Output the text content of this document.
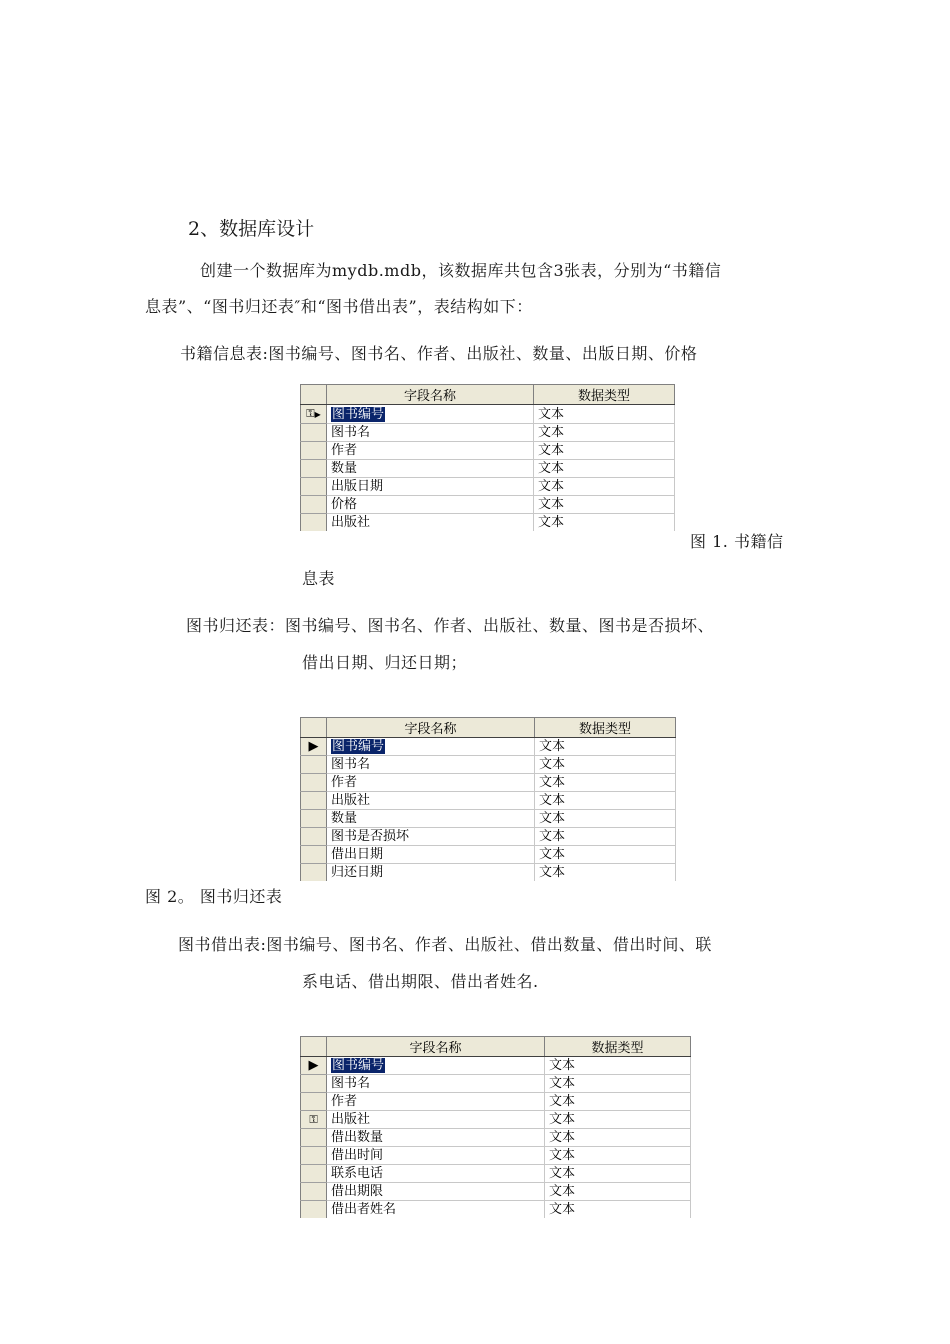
2、数据库设计
创建一个数据库为mydb.mdb，该数据库共包含3张表，分别为“书籍信
息表”、“图书归还表″和“图书借出表”，表结构如下：
书籍信息表:图书编号、图书名、作者、出版社、数量、出版日期、价格
	字段名称	数据类型
⚿▶	图书编号	文本
	图书名	文本
	作者	文本
	数量	文本
	出版日期	文本
	价格	文本
	出版社	文本
图 1. 书籍信
息表
图书归还表：图书编号、图书名、作者、出版社、数量、图书是否损坏、
借出日期、归还日期；
	字段名称	数据类型
▶	图书编号	文本
	图书名	文本
	作者	文本
	出版社	文本
	数量	文本
	图书是否损坏	文本
	借出日期	文本
	归还日期	文本
图 2。 图书归还表
图书借出表:图书编号、图书名、作者、出版社、借出数量、借出时间、联
系电话、借出期限、借出者姓名.
	字段名称	数据类型
▶	图书编号	文本
	图书名	文本
	作者	文本
⚿	出版社	文本
	借出数量	文本
	借出时间	文本
	联系电话	文本
	借出期限	文本
	借出者姓名	文本
